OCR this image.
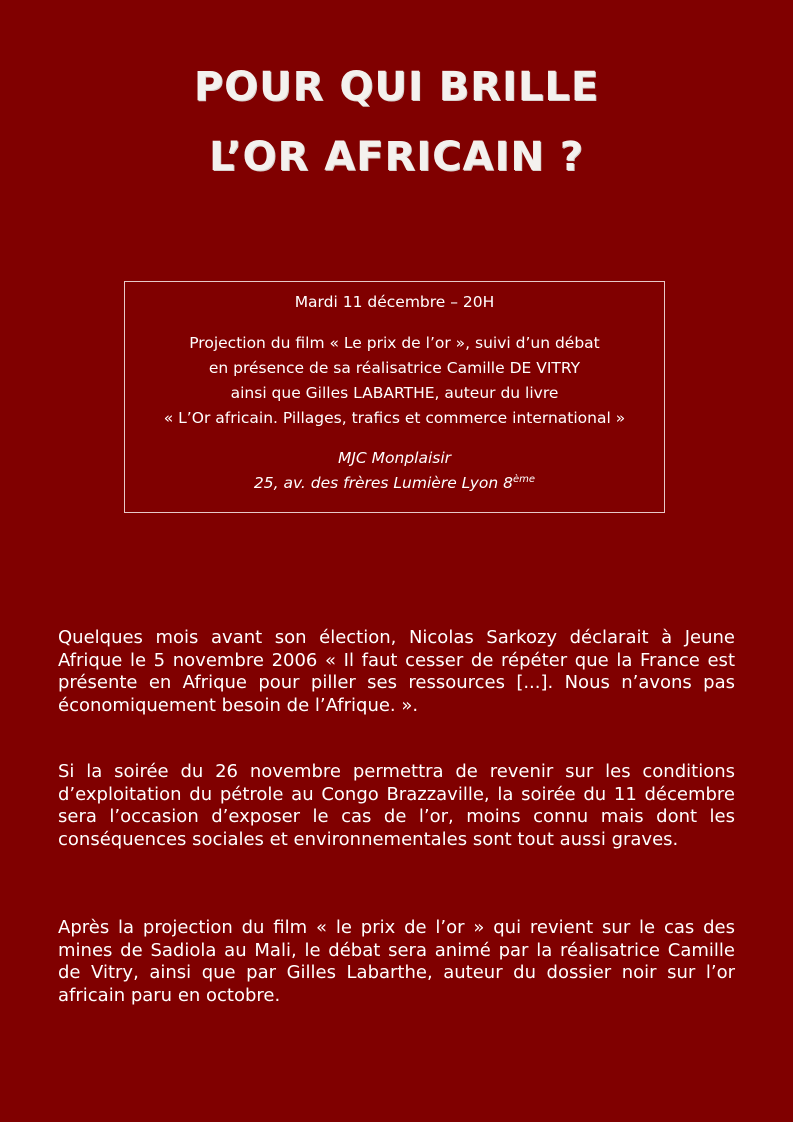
POUR QUI BRILLE
L’OR AFRICAIN ?
Mardi 11 décembre – 20H
Projection du film « Le prix de l’or », suivi d’un débat
en présence de sa réalisatrice Camille DE VITRY
ainsi que Gilles LABARTHE, auteur du livre
« L’Or africain. Pillages, trafics et commerce international »
MJC Monplaisir
25, av. des frères Lumière Lyon 8ème

Quelques mois avant son élection, Nicolas Sarkozy déclarait à Jeune Afrique le 5 novembre 2006 « Il faut cesser de répéter que la France est présente en Afrique pour piller ses ressources [...]. Nous n’avons pas économiquement besoin de l’Afrique. ».

Si la soirée du 26 novembre permettra de revenir sur les conditions d’exploitation du pétrole au Congo Brazzaville, la soirée du 11 décembre sera l’occasion d’exposer le cas de l’or, moins connu mais dont les conséquences sociales et environnementales sont tout aussi graves.

Après la projection du film « le prix de l’or » qui revient sur le cas des mines de Sadiola au Mali, le débat sera animé par la réalisatrice Camille de Vitry, ainsi que par Gilles Labarthe, auteur du dossier noir sur l’or africain paru en octobre.
